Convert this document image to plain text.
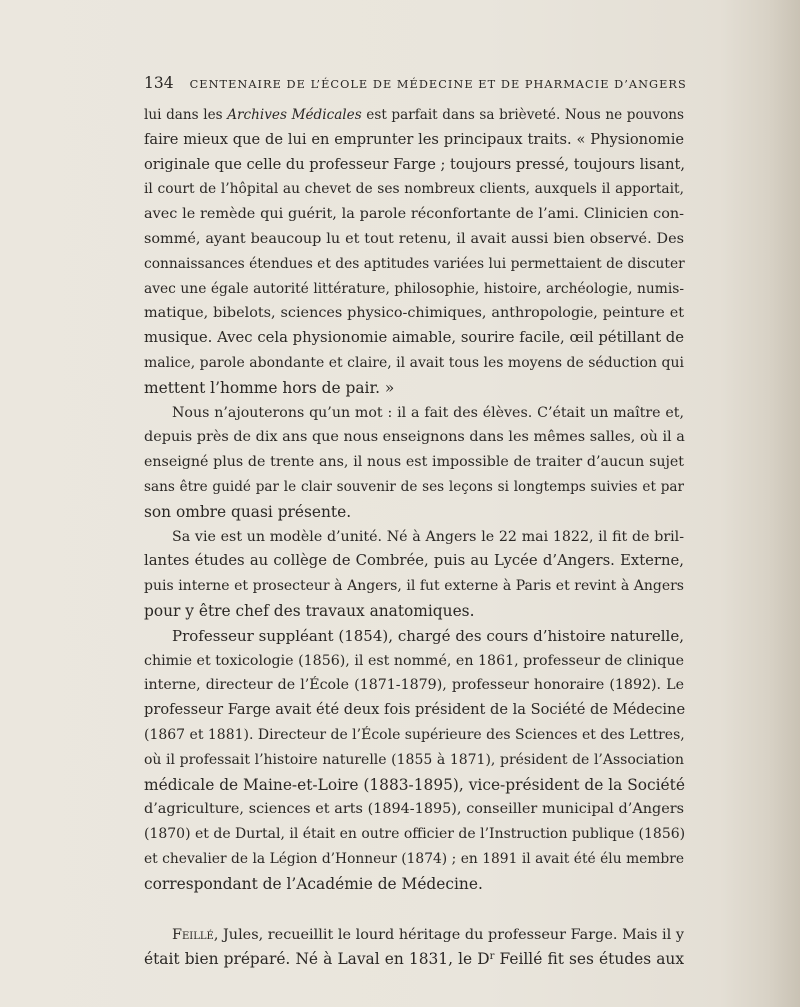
134 CENTENAIRE DE L’ÉCOLE DE MÉDECINE ET DE PHARMACIE D’ANGERS
lui dans les Archives Médicales est parfait dans sa brièveté. Nous ne pouvons
faire mieux que de lui en emprunter les principaux traits. « Physionomie
originale que celle du professeur Farge ; toujours pressé, toujours lisant,
il court de l’hôpital au chevet de ses nombreux clients, auxquels il apportait,
avec le remède qui guérit, la parole réconfortante de l’ami. Clinicien con-
sommé, ayant beaucoup lu et tout retenu, il avait aussi bien observé. Des
connaissances étendues et des aptitudes variées lui permettaient de discuter
avec une égale autorité littérature, philosophie, histoire, archéologie, numis-
matique, bibelots, sciences physico-chimiques, anthropologie, peinture et
musique. Avec cela physionomie aimable, sourire facile, œil pétillant de
malice, parole abondante et claire, il avait tous les moyens de séduction qui
mettent l’homme hors de pair. »
Nous n’ajouterons qu’un mot : il a fait des élèves. C’était un maître et,
depuis près de dix ans que nous enseignons dans les mêmes salles, où il a
enseigné plus de trente ans, il nous est impossible de traiter d’aucun sujet
sans être guidé par le clair souvenir de ses leçons si longtemps suivies et par
son ombre quasi présente.
Sa vie est un modèle d’unité. Né à Angers le 22 mai 1822, il fit de bril-
lantes études au collège de Combrée, puis au Lycée d’Angers. Externe,
puis interne et prosecteur à Angers, il fut externe à Paris et revint à Angers
pour y être chef des travaux anatomiques.
Professeur suppléant (1854), chargé des cours d’histoire naturelle,
chimie et toxicologie (1856), il est nommé, en 1861, professeur de clinique
interne, directeur de l’École (1871-1879), professeur honoraire (1892). Le
professeur Farge avait été deux fois président de la Société de Médecine
(1867 et 1881). Directeur de l’École supérieure des Sciences et des Lettres,
où il professait l’histoire naturelle (1855 à 1871), président de l’Association
médicale de Maine-et-Loire (1883-1895), vice-président de la Société
d’agriculture, sciences et arts (1894-1895), conseiller municipal d’Angers
(1870) et de Durtal, il était en outre officier de l’Instruction publique (1856)
et chevalier de la Légion d’Honneur (1874) ; en 1891 il avait été élu membre
correspondant de l’Académie de Médecine.
Feillé, Jules, recueillit le lourd héritage du professeur Farge. Mais il y
était bien préparé. Né à Laval en 1831, le $D^r$ Feillé fit ses études aux
